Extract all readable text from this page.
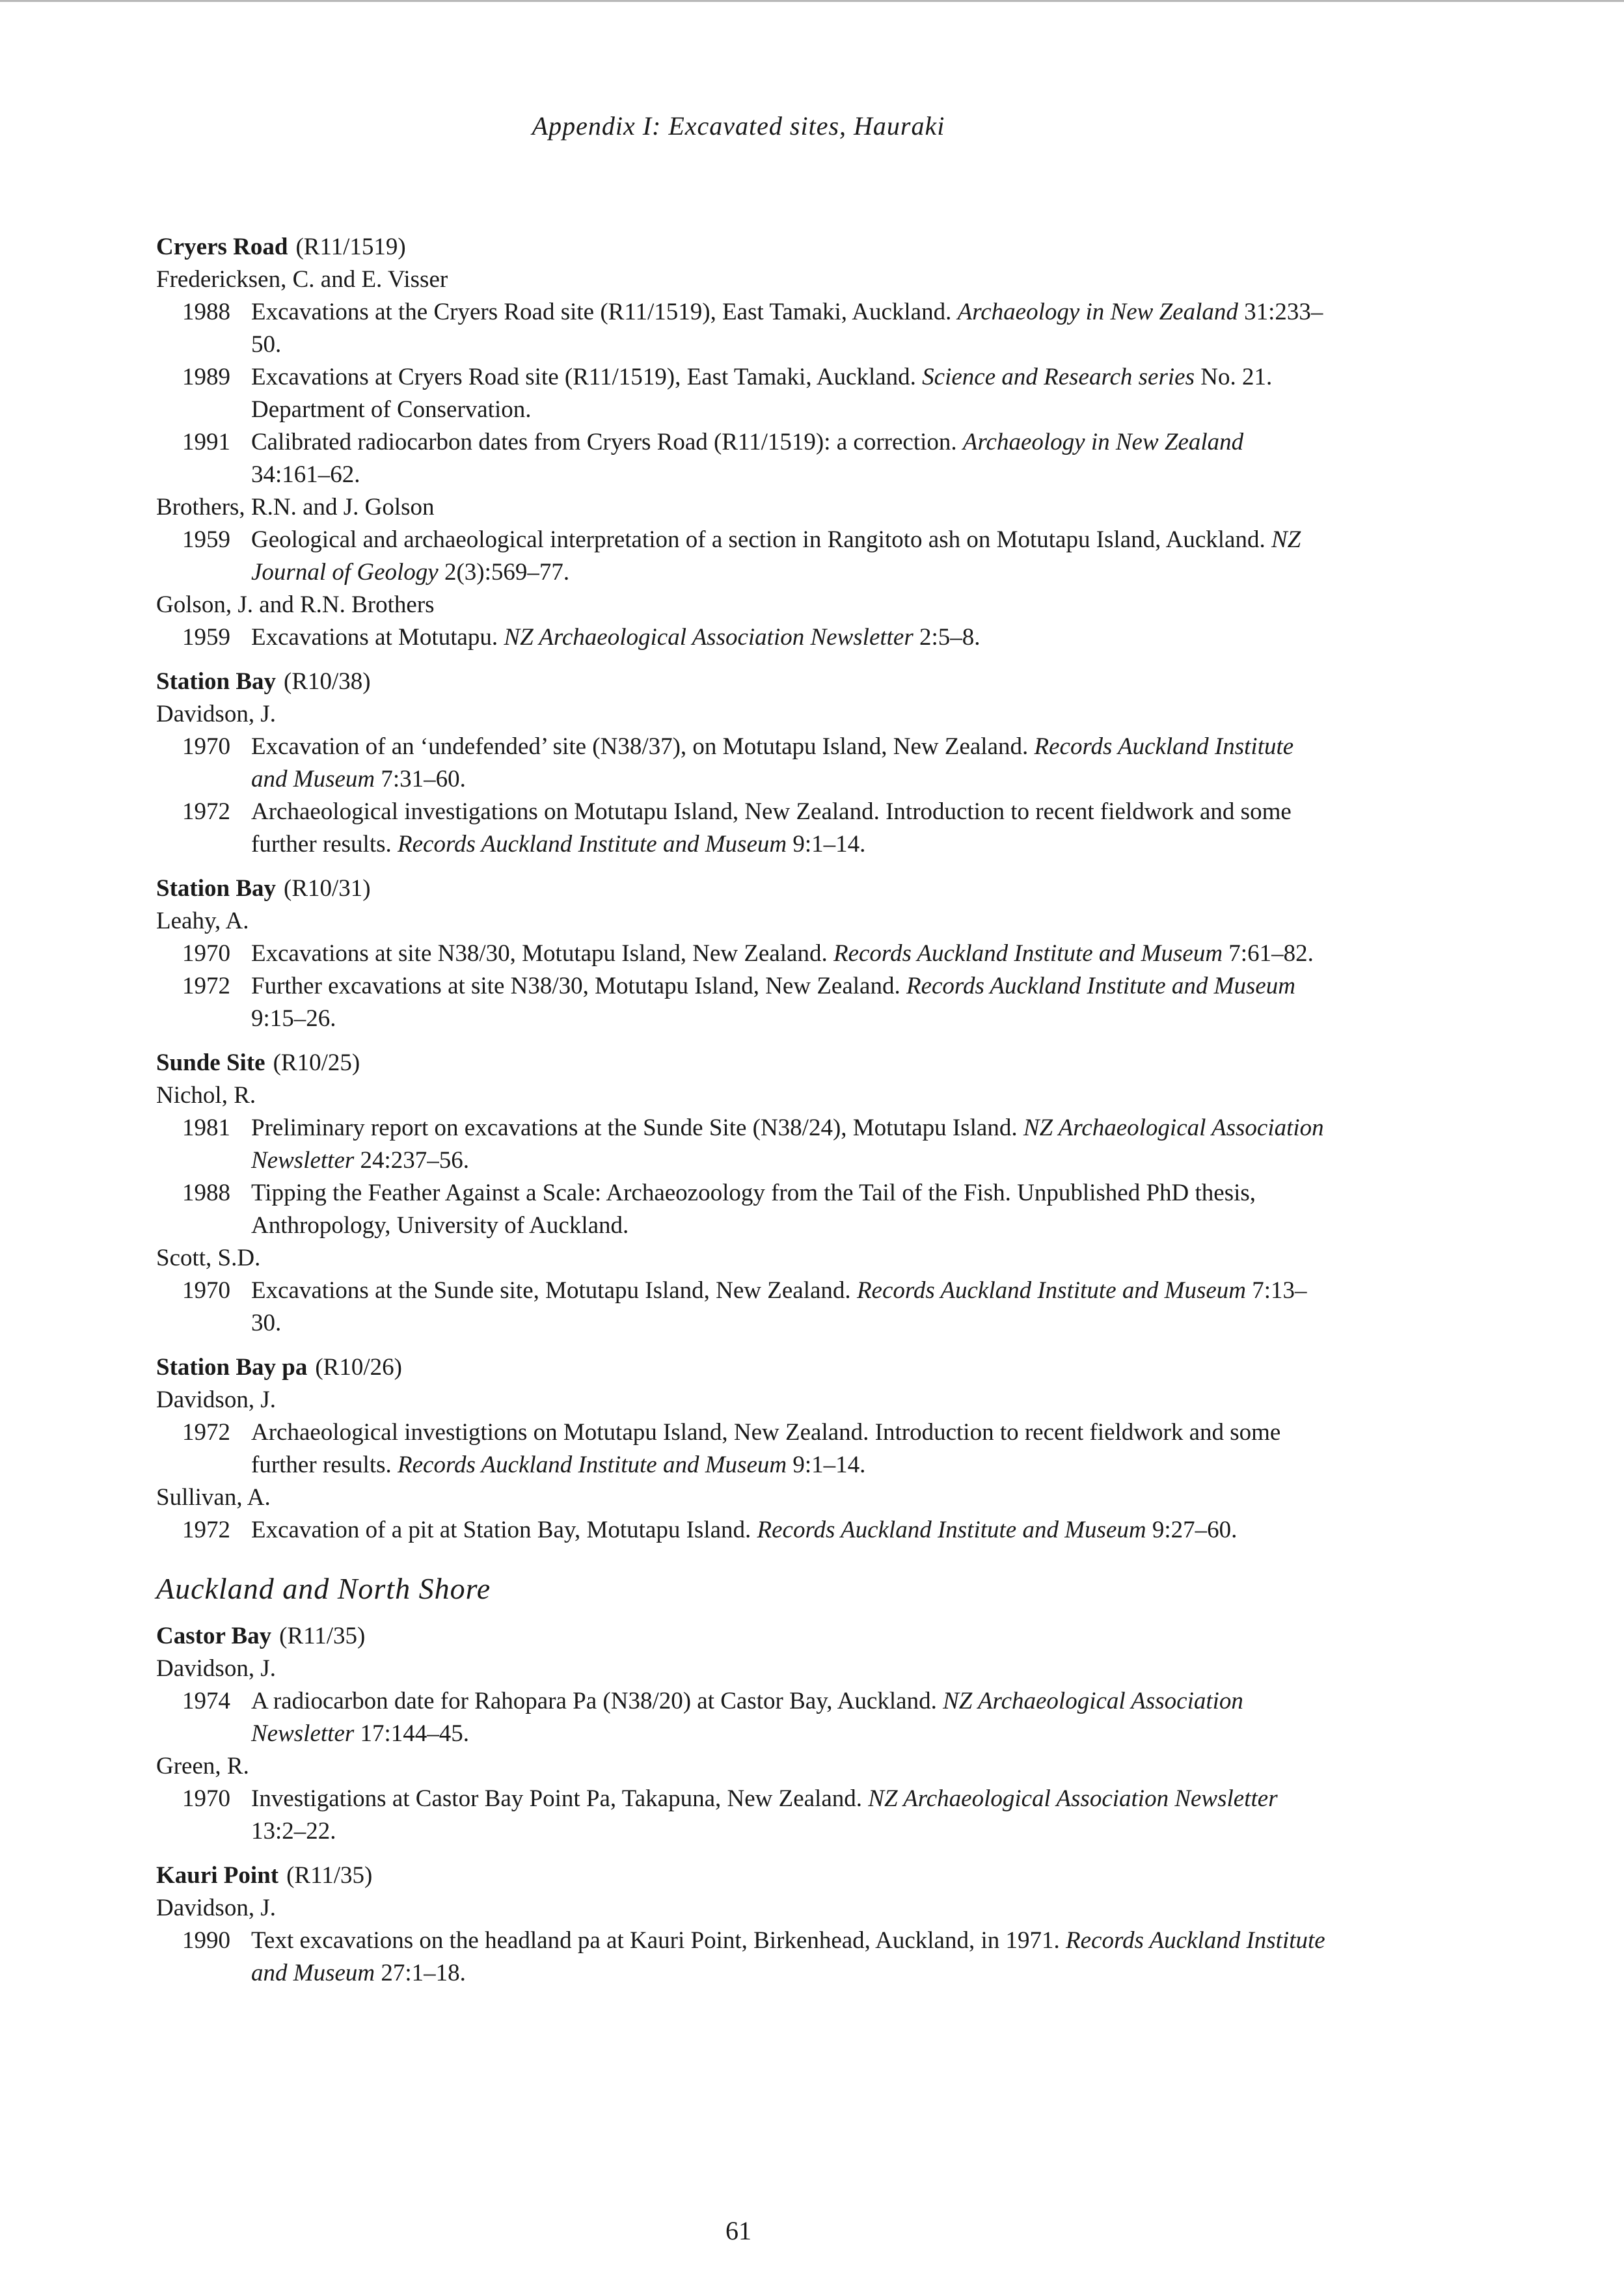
Appendix I: Excavated sites, Hauraki
Cryers Road (R11/1519)
Fredericksen, C. and E. Visser
1988 Excavations at the Cryers Road site (R11/1519), East Tamaki, Auckland. Archaeology in New Zealand 31:233–50.
1989 Excavations at Cryers Road site (R11/1519), East Tamaki, Auckland. Science and Research series No. 21. Department of Conservation.
1991 Calibrated radiocarbon dates from Cryers Road (R11/1519): a correction. Archaeology in New Zealand 34:161–62.
Brothers, R.N. and J. Golson
1959 Geological and archaeological interpretation of a section in Rangitoto ash on Motutapu Island, Auckland. NZ Journal of Geology 2(3):569–77.
Golson, J. and R.N. Brothers
1959 Excavations at Motutapu. NZ Archaeological Association Newsletter 2:5–8.
Station Bay (R10/38)
Davidson, J.
1970 Excavation of an ‘undefended’ site (N38/37), on Motutapu Island, New Zealand. Records Auckland Institute and Museum 7:31–60.
1972 Archaeological investigations on Motutapu Island, New Zealand. Introduction to recent fieldwork and some further results. Records Auckland Institute and Museum 9:1–14.
Station Bay (R10/31)
Leahy, A.
1970 Excavations at site N38/30, Motutapu Island, New Zealand. Records Auckland Institute and Museum 7:61–82.
1972 Further excavations at site N38/30, Motutapu Island, New Zealand. Records Auckland Institute and Museum 9:15–26.
Sunde Site (R10/25)
Nichol, R.
1981 Preliminary report on excavations at the Sunde Site (N38/24), Motutapu Island. NZ Archaeological Association Newsletter 24:237–56.
1988 Tipping the Feather Against a Scale: Archaeozoology from the Tail of the Fish. Unpublished PhD thesis, Anthropology, University of Auckland.
Scott, S.D.
1970 Excavations at the Sunde site, Motutapu Island, New Zealand. Records Auckland Institute and Museum 7:13–30.
Station Bay pa (R10/26)
Davidson, J.
1972 Archaeological investigtions on Motutapu Island, New Zealand. Introduction to recent fieldwork and some further results. Records Auckland Institute and Museum 9:1–14.
Sullivan, A.
1972 Excavation of a pit at Station Bay, Motutapu Island. Records Auckland Institute and Museum 9:27–60.
Auckland and North Shore
Castor Bay (R11/35)
Davidson, J.
1974 A radiocarbon date for Rahopara Pa (N38/20) at Castor Bay, Auckland. NZ Archaeological Association Newsletter 17:144–45.
Green, R.
1970 Investigations at Castor Bay Point Pa, Takapuna, New Zealand. NZ Archaeological Association Newsletter 13:2–22.
Kauri Point (R11/35)
Davidson, J.
1990 Text excavations on the headland pa at Kauri Point, Birkenhead, Auckland, in 1971. Records Auckland Institute and Museum 27:1–18.
61
